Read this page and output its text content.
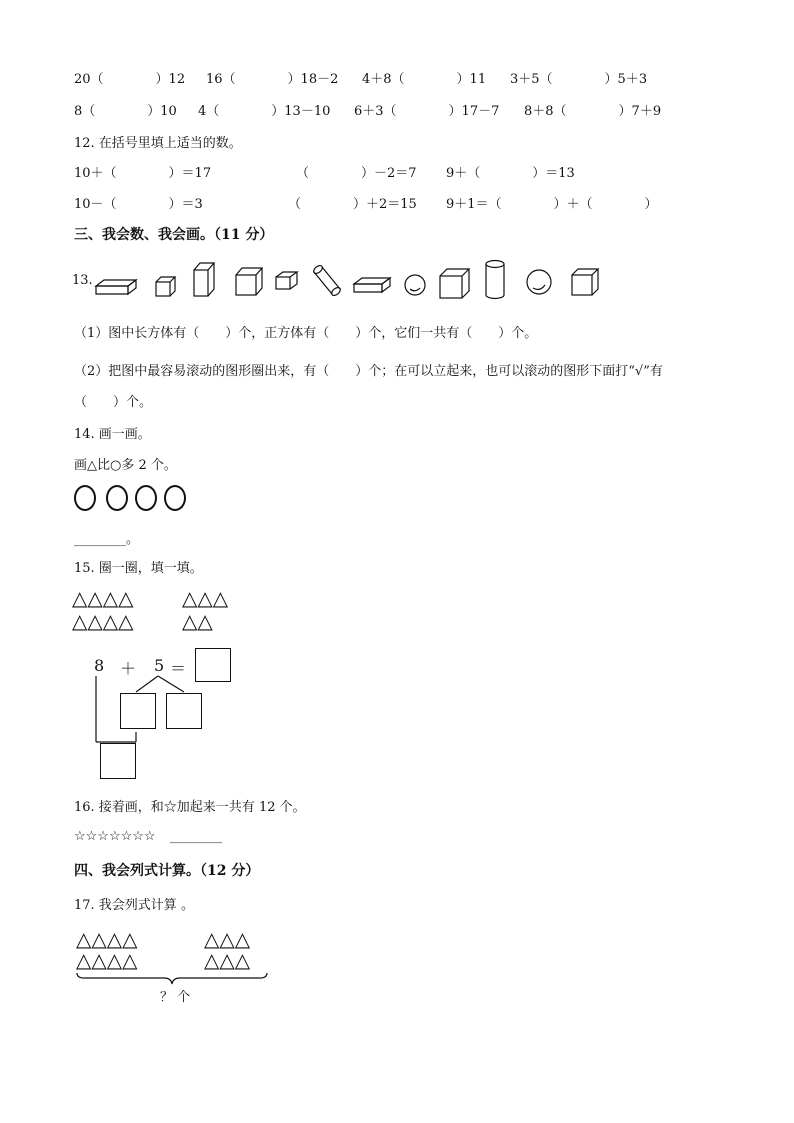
20（　　　　）12 16（　　　　）18－2 4＋8（　　　　）11 3＋5（　　　　）5＋3
8（　　　　）10 4（　　　　）13－10 6＋3（　　　　）17－7 8＋8（　　　　）7＋9
12. 在括号里填上适当的数。
10＋（　　　　）＝17	（　　　　）－2＝7 9＋（　　　　）＝13
10－（　　　　）＝3	（　　　　）＋2＝15 9＋1＝（　　　　）＋（　　　　）
三、我会数、我会画。（11 分）
13.
（1）图中长方体有（　　）个，正方体有（　　）个，它们一共有（　　）个。
（2）把图中最容易滚动的图形圈出来，有（　　）个；在可以立起来，也可以滚动的图形下面打“√”有
（　　）个。
14. 画一画。
画△比○多 2 个。
________。
15. 圈一圈，填一填。
△△△△ △△△
△△△△ △△
8 ＋ 5 ＝
16. 接着画，和☆加起来一共有 12 个。
☆☆☆☆☆☆☆ ________
四、我会列式计算。（12 分）
17. 我会列式计算 。
△△△△	△△△
△△△△	△△△
？ 个
